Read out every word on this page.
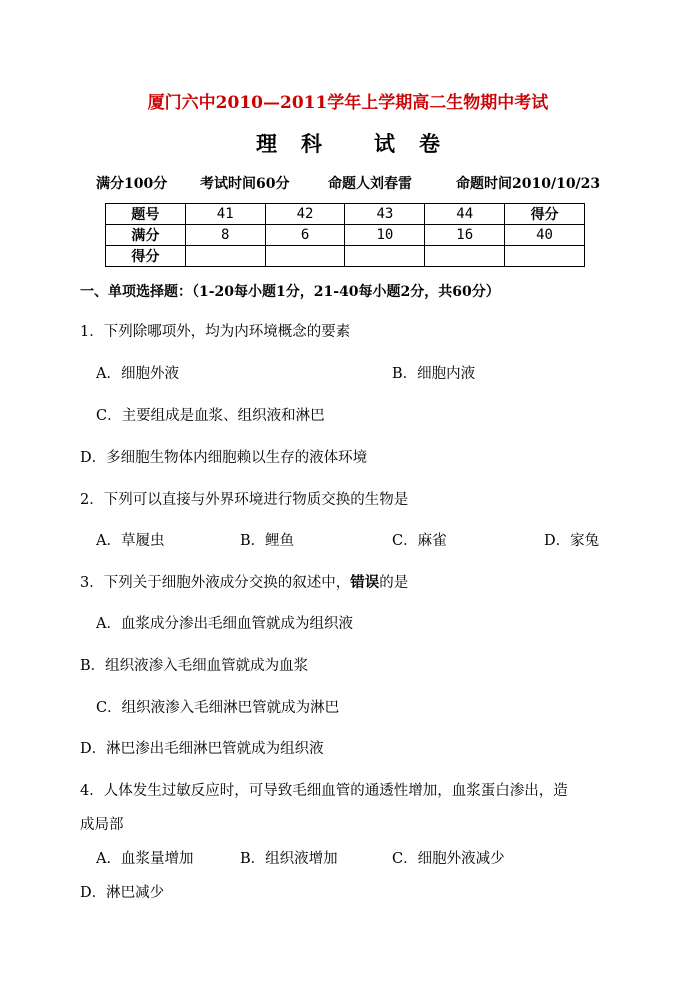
厦门六中2010—2011学年上学期高二生物期中考试
理 科 试 卷
满分100分 考试时间60分	命题人刘春雷	命题时间2010/10/23
题号	41	42	43	44	得分
满分	8	6	10	16	40
得分					
一、单项选择题：（1-20每小题1分，21-40每小题2分，共60分）
1．下列除哪项外，均为内环境概念的要素
A．细胞外液	B．细胞内液
C．主要组成是血浆、组织液和淋巴
D．多细胞生物体内细胞赖以生存的液体环境
2．下列可以直接与外界环境进行物质交换的生物是
A．草履虫	B．鲤鱼	C．麻雀	D．家兔
3．下列关于细胞外液成分交换的叙述中，错误的是
A．血浆成分渗出毛细血管就成为组织液
B．组织液渗入毛细血管就成为血浆
C．组织液渗入毛细淋巴管就成为淋巴
D．淋巴渗出毛细淋巴管就成为组织液
4．人体发生过敏反应时，可导致毛细血管的通透性增加，血浆蛋白渗出，造
成局部
A．血浆量增加	B．组织液增加	C．细胞外液减少
D．淋巴减少
